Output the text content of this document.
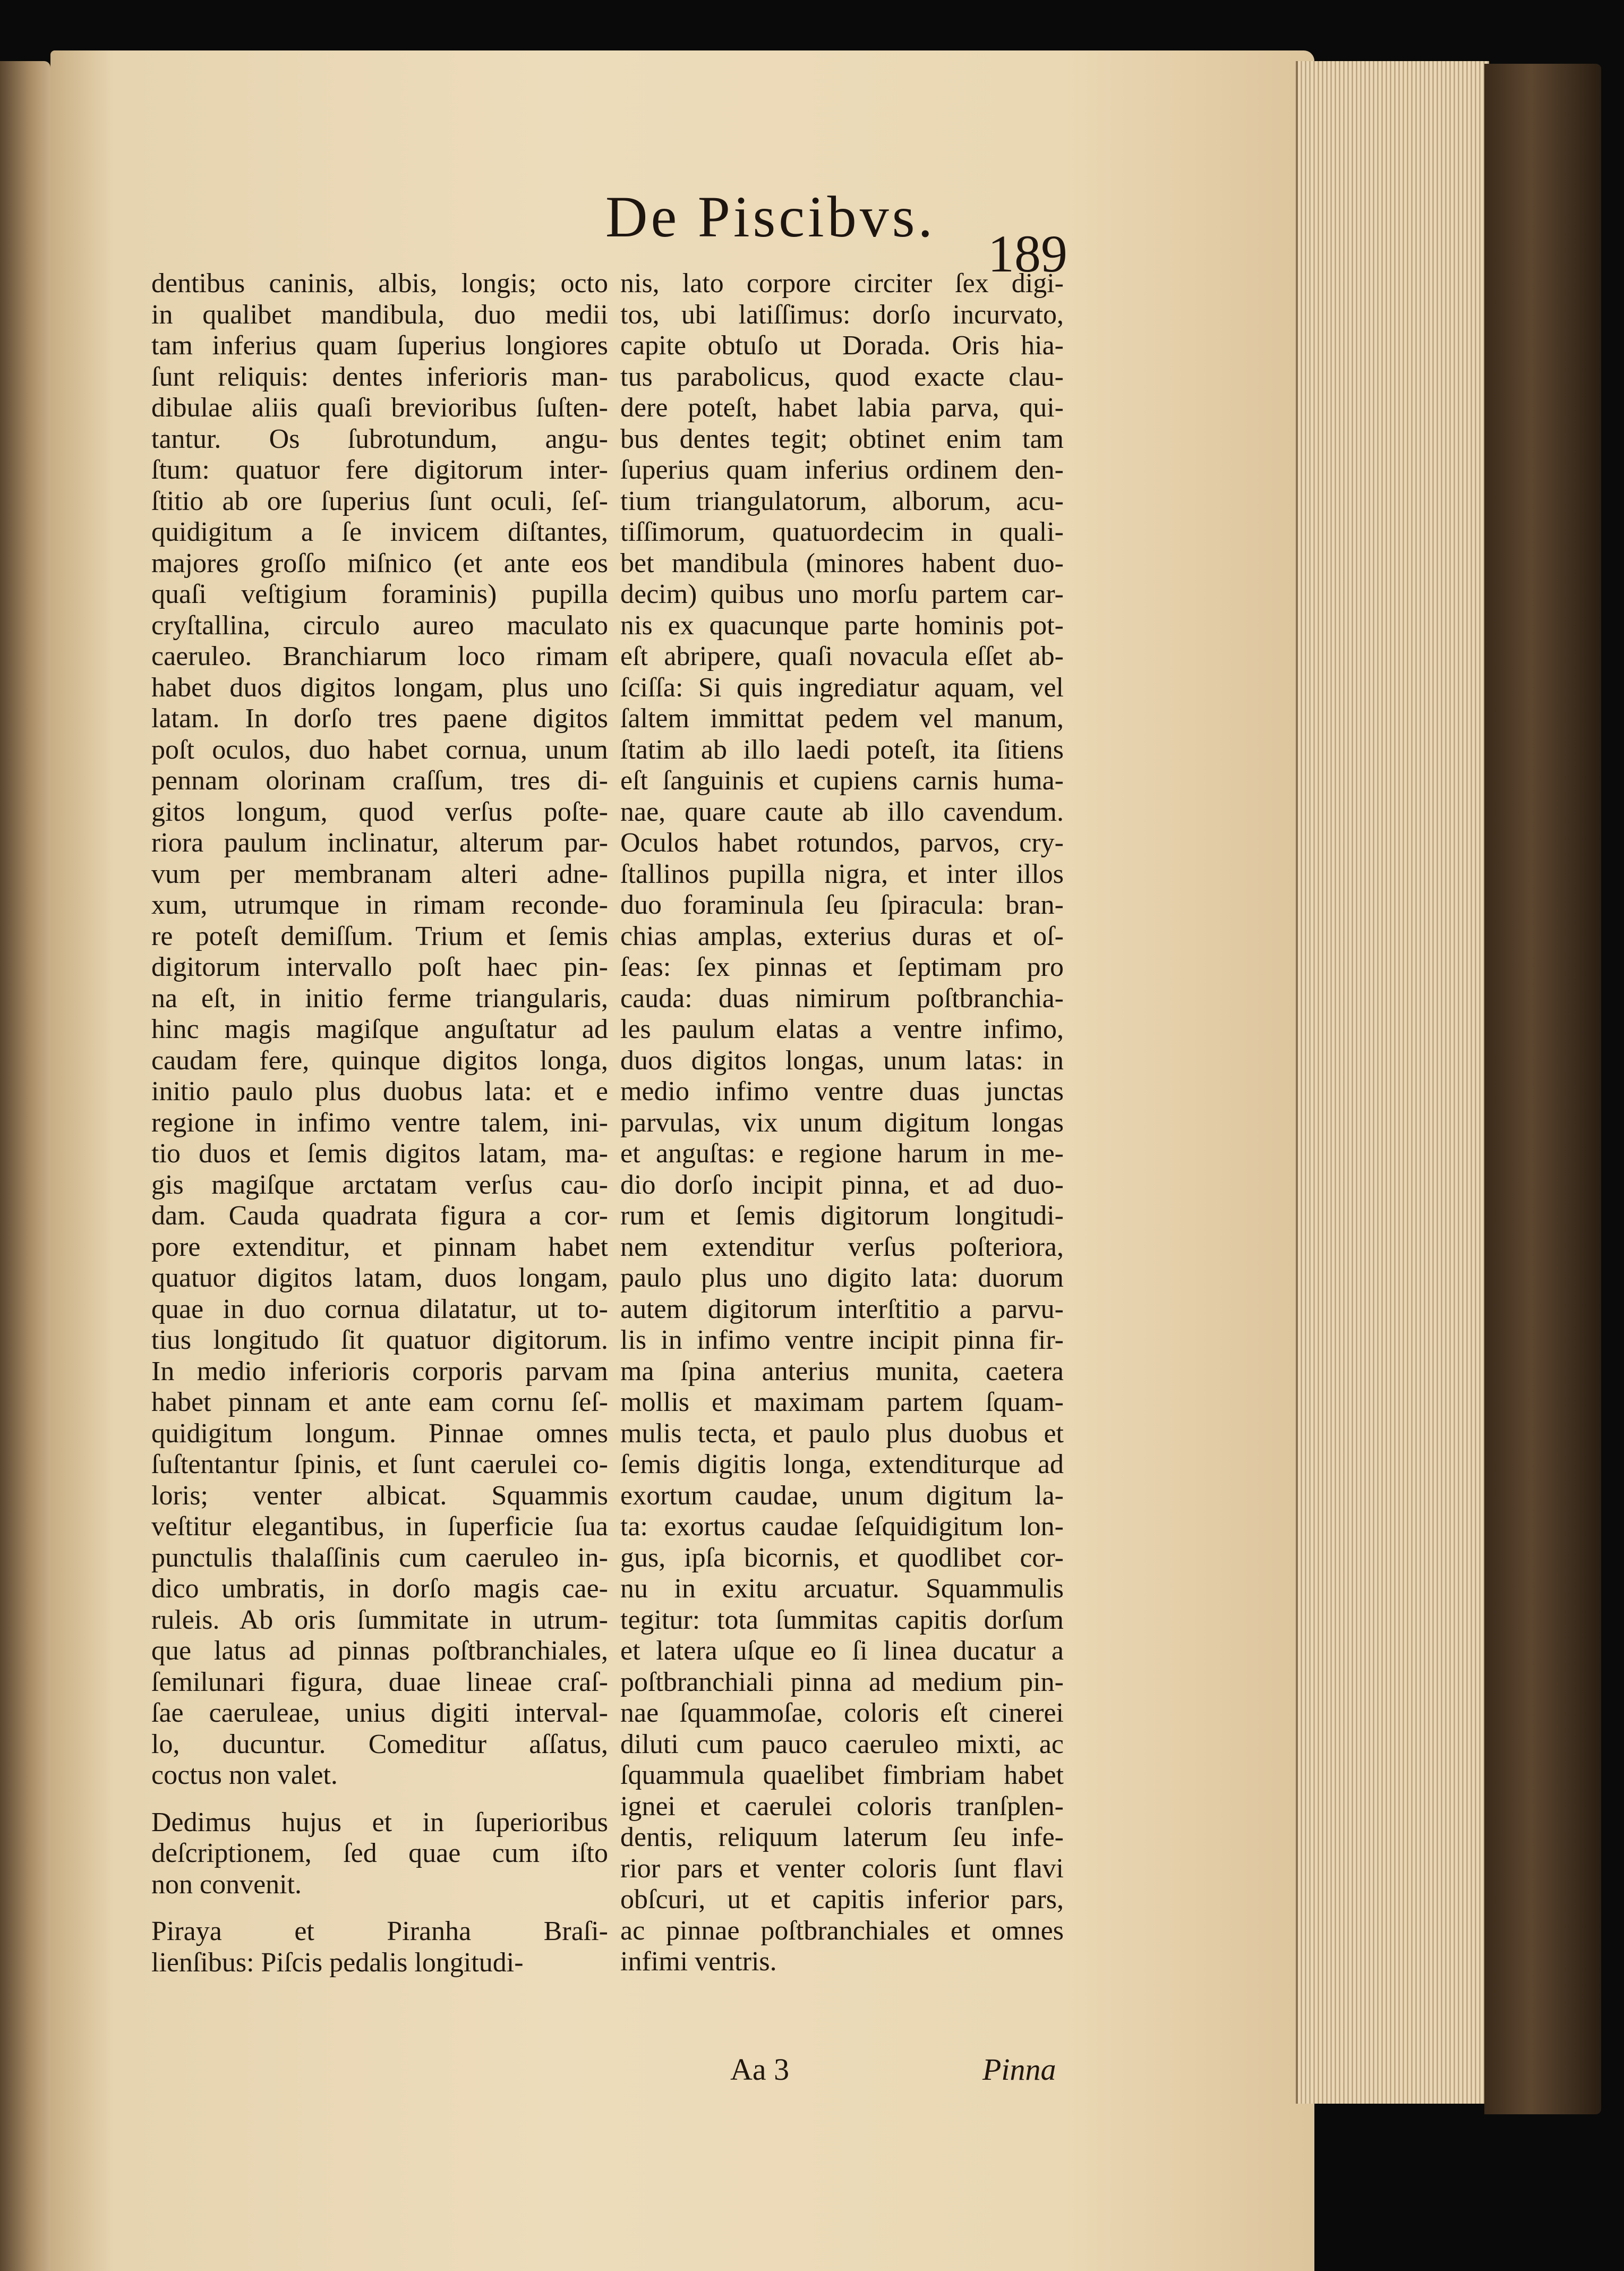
De Piscibvs.
189
dentibus caninis, albis, longis; octo
in qualibet mandibula, duo medii
tam inferius quam ſuperius longiores
ſunt reliquis: dentes inferioris man-
dibulae aliis quaſi brevioribus ſuſten-
tantur. Os ſubrotundum, angu-
ſtum: quatuor fere digitorum inter-
ſtitio ab ore ſuperius ſunt oculi, ſeſ-
quidigitum a ſe invicem diſtantes,
majores groſſo miſnico (et ante eos
quaſi veſtigium foraminis) pupilla
cryſtallina, circulo aureo maculato
caeruleo. Branchiarum loco rimam
habet duos digitos longam, plus uno
latam. In dorſo tres paene digitos
poſt oculos, duo habet cornua, unum
pennam olorinam craſſum, tres di-
gitos longum, quod verſus poſte-
riora paulum inclinatur, alterum par-
vum per membranam alteri adne-
xum, utrumque in rimam reconde-
re poteſt demiſſum. Trium et ſemis
digitorum intervallo poſt haec pin-
na eſt, in initio ferme triangularis,
hinc magis magiſque anguſtatur ad
caudam fere, quinque digitos longa,
initio paulo plus duobus lata: et e
regione in infimo ventre talem, ini-
tio duos et ſemis digitos latam, ma-
gis magiſque arctatam verſus cau-
dam. Cauda quadrata figura a cor-
pore extenditur, et pinnam habet
quatuor digitos latam, duos longam,
quae in duo cornua dilatatur, ut to-
tius longitudo ſit quatuor digitorum.
In medio inferioris corporis parvam
habet pinnam et ante eam cornu ſeſ-
quidigitum longum. Pinnae omnes
ſuſtentantur ſpinis, et ſunt caerulei co-
loris; venter albicat. Squammis
veſtitur elegantibus, in ſuperficie ſua
punctulis thalaſſinis cum caeruleo in-
dico umbratis, in dorſo magis cae-
ruleis. Ab oris ſummitate in utrum-
que latus ad pinnas poſtbranchiales,
ſemilunari figura, duae lineae craſ-
ſae caeruleae, unius digiti interval-
lo, ducuntur. Comeditur aſſatus,
coctus non valet.
Dedimus hujus et in ſuperioribus
deſcriptionem, ſed quae cum iſto
non convenit.
Piraya et Piranha Braſi-
lienſibus: Piſcis pedalis longitudi-
nis, lato corpore circiter ſex digi-
tos, ubi latiſſimus: dorſo incurvato,
capite obtuſo ut Dorada. Oris hia-
tus parabolicus, quod exacte clau-
dere poteſt, habet labia parva, qui-
bus dentes tegit; obtinet enim tam
ſuperius quam inferius ordinem den-
tium triangulatorum, alborum, acu-
tiſſimorum, quatuordecim in quali-
bet mandibula (minores habent duo-
decim) quibus uno morſu partem car-
nis ex quacunque parte hominis pot-
eſt abripere, quaſi novacula eſſet ab-
ſciſſa: Si quis ingrediatur aquam, vel
ſaltem immittat pedem vel manum,
ſtatim ab illo laedi poteſt, ita ſitiens
eſt ſanguinis et cupiens carnis huma-
nae, quare caute ab illo cavendum.
Oculos habet rotundos, parvos, cry-
ſtallinos pupilla nigra, et inter illos
duo foraminula ſeu ſpiracula: bran-
chias amplas, exterius duras et oſ-
ſeas: ſex pinnas et ſeptimam pro
cauda: duas nimirum poſtbranchia-
les paulum elatas a ventre infimo,
duos digitos longas, unum latas: in
medio infimo ventre duas junctas
parvulas, vix unum digitum longas
et anguſtas: e regione harum in me-
dio dorſo incipit pinna, et ad duo-
rum et ſemis digitorum longitudi-
nem extenditur verſus poſteriora,
paulo plus uno digito lata: duorum
autem digitorum interſtitio a parvu-
lis in infimo ventre incipit pinna fir-
ma ſpina anterius munita, caetera
mollis et maximam partem ſquam-
mulis tecta, et paulo plus duobus et
ſemis digitis longa, extenditurque ad
exortum caudae, unum digitum la-
ta: exortus caudae ſeſquidigitum lon-
gus, ipſa bicornis, et quodlibet cor-
nu in exitu arcuatur. Squammulis
tegitur: tota ſummitas capitis dorſum
et latera uſque eo ſi linea ducatur a
poſtbranchiali pinna ad medium pin-
nae ſquammoſae, coloris eſt cinerei
diluti cum pauco caeruleo mixti, ac
ſquammula quaelibet fimbriam habet
ignei et caerulei coloris tranſplen-
dentis, reliquum laterum ſeu infe-
rior pars et venter coloris ſunt flavi
obſcuri, ut et capitis inferior pars,
ac pinnae poſtbranchiales et omnes
infimi ventris.
Aa 3	Pinna
